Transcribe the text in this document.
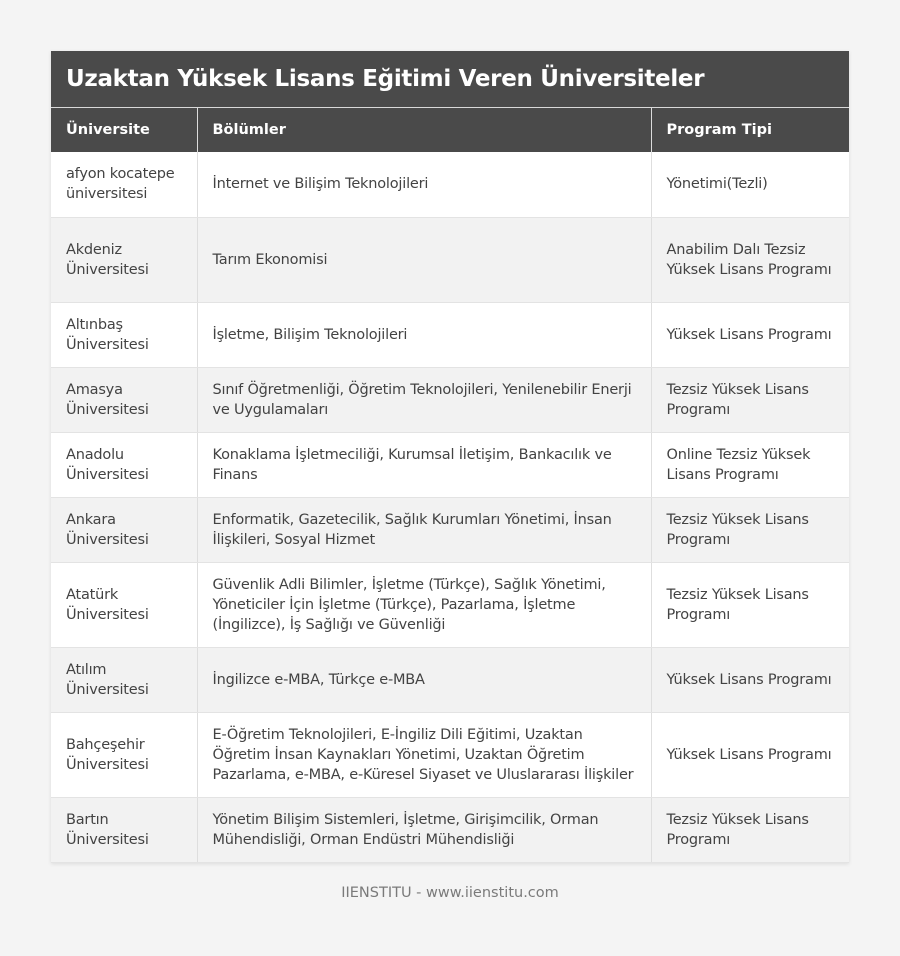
Uzaktan Yüksek Lisans Eğitimi Veren Üniversiteler
Üniversite	Bölümler	Program Tipi
afyon kocatepe üniversitesi	İnternet ve Bilişim Teknolojileri	Yönetimi(Tezli)
Akdeniz Üniversitesi	Tarım Ekonomisi	Anabilim Dalı Tezsiz Yüksek Lisans Programı
Altınbaş Üniversitesi	İşletme, Bilişim Teknolojileri	Yüksek Lisans Programı
Amasya Üniversitesi	Sınıf Öğretmenliği, Öğretim Teknolojileri, Yenilenebilir Enerji ve Uygulamaları	Tezsiz Yüksek Lisans Programı
Anadolu Üniversitesi	Konaklama İşletmeciliği, Kurumsal İletişim, Bankacılık ve Finans	Online Tezsiz Yüksek Lisans Programı
Ankara Üniversitesi	Enformatik, Gazetecilik, Sağlık Kurumları Yönetimi, İnsan İlişkileri, Sosyal Hizmet	Tezsiz Yüksek Lisans Programı
Atatürk Üniversitesi	Güvenlik Adli Bilimler, İşletme (Türkçe), Sağlık Yönetimi, Yöneticiler İçin İşletme (Türkçe), Pazarlama, İşletme (İngilizce), İş Sağlığı ve Güvenliği	Tezsiz Yüksek Lisans Programı
Atılım Üniversitesi	İngilizce e-MBA, Türkçe e-MBA	Yüksek Lisans Programı
Bahçeşehir Üniversitesi	E-Öğretim Teknolojileri, E-İngiliz Dili Eğitimi, Uzaktan Öğretim İnsan Kaynakları Yönetimi, Uzaktan Öğretim Pazarlama, e-MBA, e-Küresel Siyaset ve Uluslararası İlişkiler	Yüksek Lisans Programı
Bartın Üniversitesi	Yönetim Bilişim Sistemleri, İşletme, Girişimcilik, Orman Mühendisliği, Orman Endüstri Mühendisliği	Tezsiz Yüksek Lisans Programı
IIENSTITU - www.iienstitu.com
